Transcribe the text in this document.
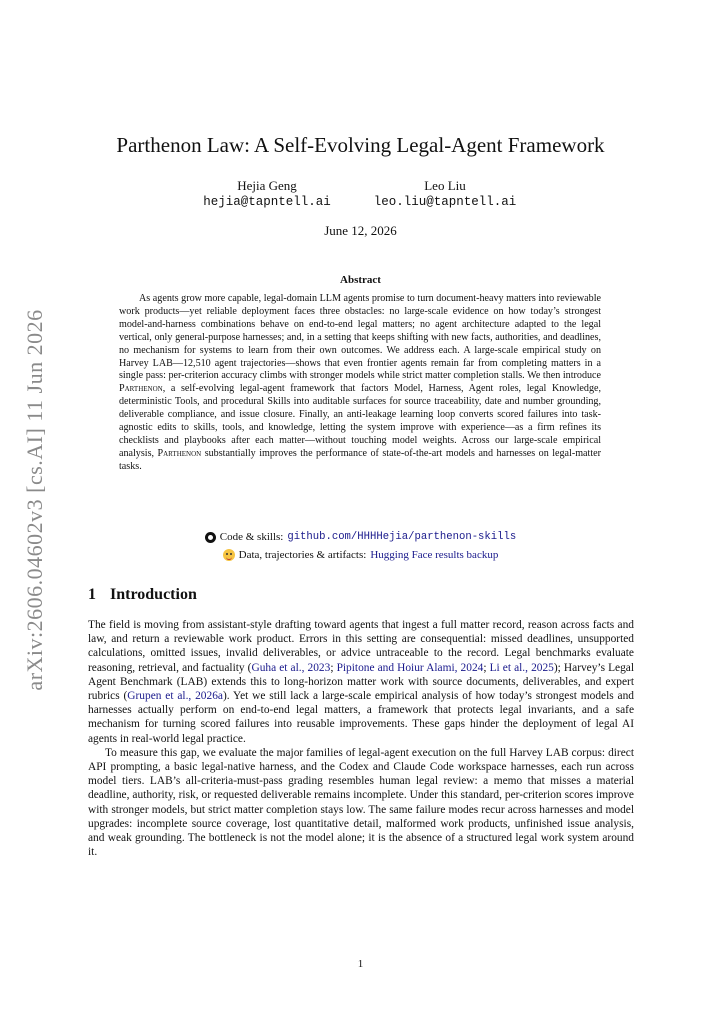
arXiv:2606.04602v3 [cs.AI] 11 Jun 2026
Parthenon Law: A Self-Evolving Legal-Agent Framework
Hejia Geng
hejia@tapntell.ai
Leo Liu
leo.liu@tapntell.ai
June 12, 2026
Abstract

As agents grow more capable, legal-domain LLM agents promise to turn document-heavy matters into reviewable work products—yet reliable deployment faces three obstacles: no large-scale evidence on how today’s strongest model-and-harness combinations behave on end-to-end legal matters; no agent architecture adapted to the legal vertical, only general-purpose harnesses; and, in a setting that keeps shifting with new facts, authorities, and deadlines, no mechanism for systems to learn from their own outcomes. We address each. A large-scale empirical study on Harvey LAB—12,510 agent trajectories—shows that even frontier agents remain far from completing matters in a single pass: per-criterion accuracy climbs with stronger models while strict matter completion stalls. We then introduce Parthenon, a self-evolving legal-agent framework that factors Model, Harness, Agent roles, legal Knowledge, deterministic Tools, and procedural Skills into auditable surfaces for source traceability, date and number grounding, deliverable compliance, and issue closure. Finally, an anti-leakage learning loop converts scored failures into task-agnostic edits to skills, tools, and knowledge, letting the system improve with experience—as a firm refines its checklists and playbooks after each matter—without touching model weights. Across our large-scale empirical analysis, Parthenon substantially improves the performance of state-of-the-art models and harnesses on legal-matter tasks.

Code & skills: github.com/HHHHejia/parthenon-skills
Data, trajectories & artifacts: Hugging Face results backup
1 Introduction

The field is moving from assistant-style drafting toward agents that ingest a full matter record, reason across facts and law, and return a reviewable work product. Errors in this setting are consequential: missed deadlines, unsupported calculations, omitted issues, invalid deliverables, or advice untraceable to the record. Legal benchmarks evaluate reasoning, retrieval, and factuality (Guha et al., 2023; Pipitone and Hoiur Alami, 2024; Li et al., 2025); Harvey’s Legal Agent Benchmark (LAB) extends this to long-horizon matter work with source documents, deliverables, and expert rubrics (Grupen et al., 2026a). Yet we still lack a large-scale empirical analysis of how today’s strongest models and harnesses actually perform on end-to-end legal matters, a framework that protects legal invariants, and a safe mechanism for turning scored failures into reusable improvements. These gaps hinder the deployment of legal AI agents in real-world legal practice.

To measure this gap, we evaluate the major families of legal-agent execution on the full Harvey LAB corpus: direct API prompting, a basic legal-native harness, and the Codex and Claude Code workspace harnesses, each run across model tiers. LAB’s all-criteria-must-pass grading resembles human legal review: a memo that misses a material deadline, authority, risk, or requested deliverable remains incomplete. Under this standard, per-criterion scores improve with stronger models, but strict matter completion stays low. The same failure modes recur across harnesses and model upgrades: incomplete source coverage, lost quantitative detail, malformed work products, unfinished issue analysis, and weak grounding. The bottleneck is not the model alone; it is the absence of a structured legal work system around it.

1
